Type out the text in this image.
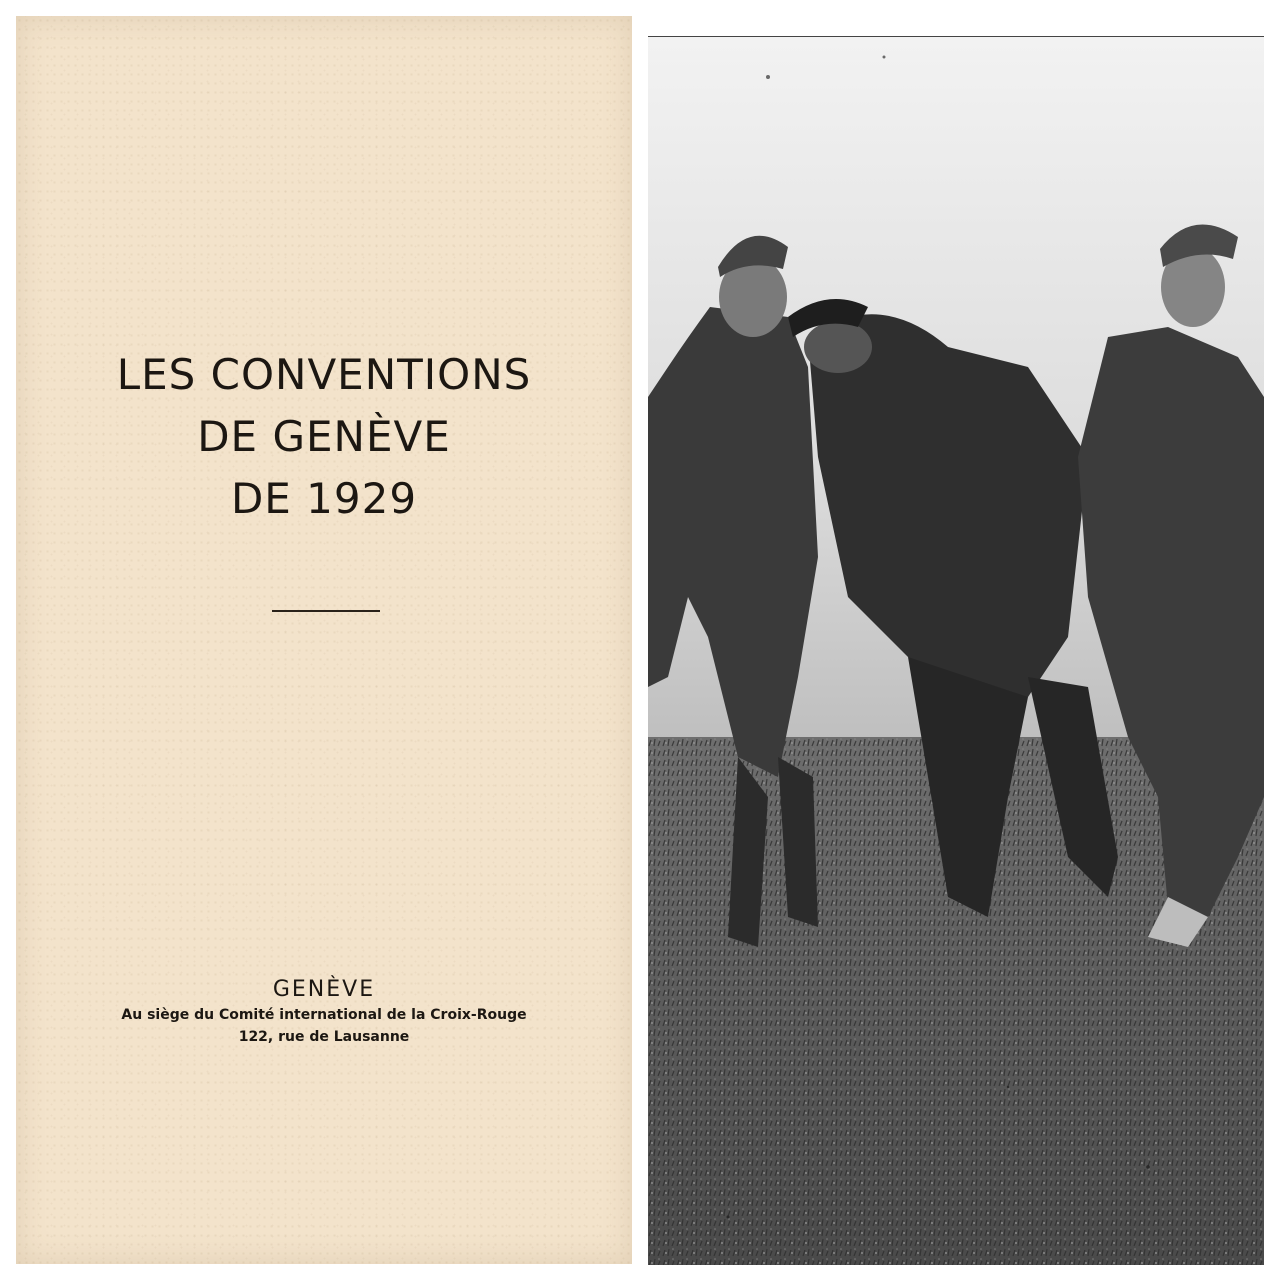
LES CONVENTIONS
DE GENÈVE
DE 1929
GENÈVE
Au siège du Comité international de la Croix-Rouge
122, rue de Lausanne
